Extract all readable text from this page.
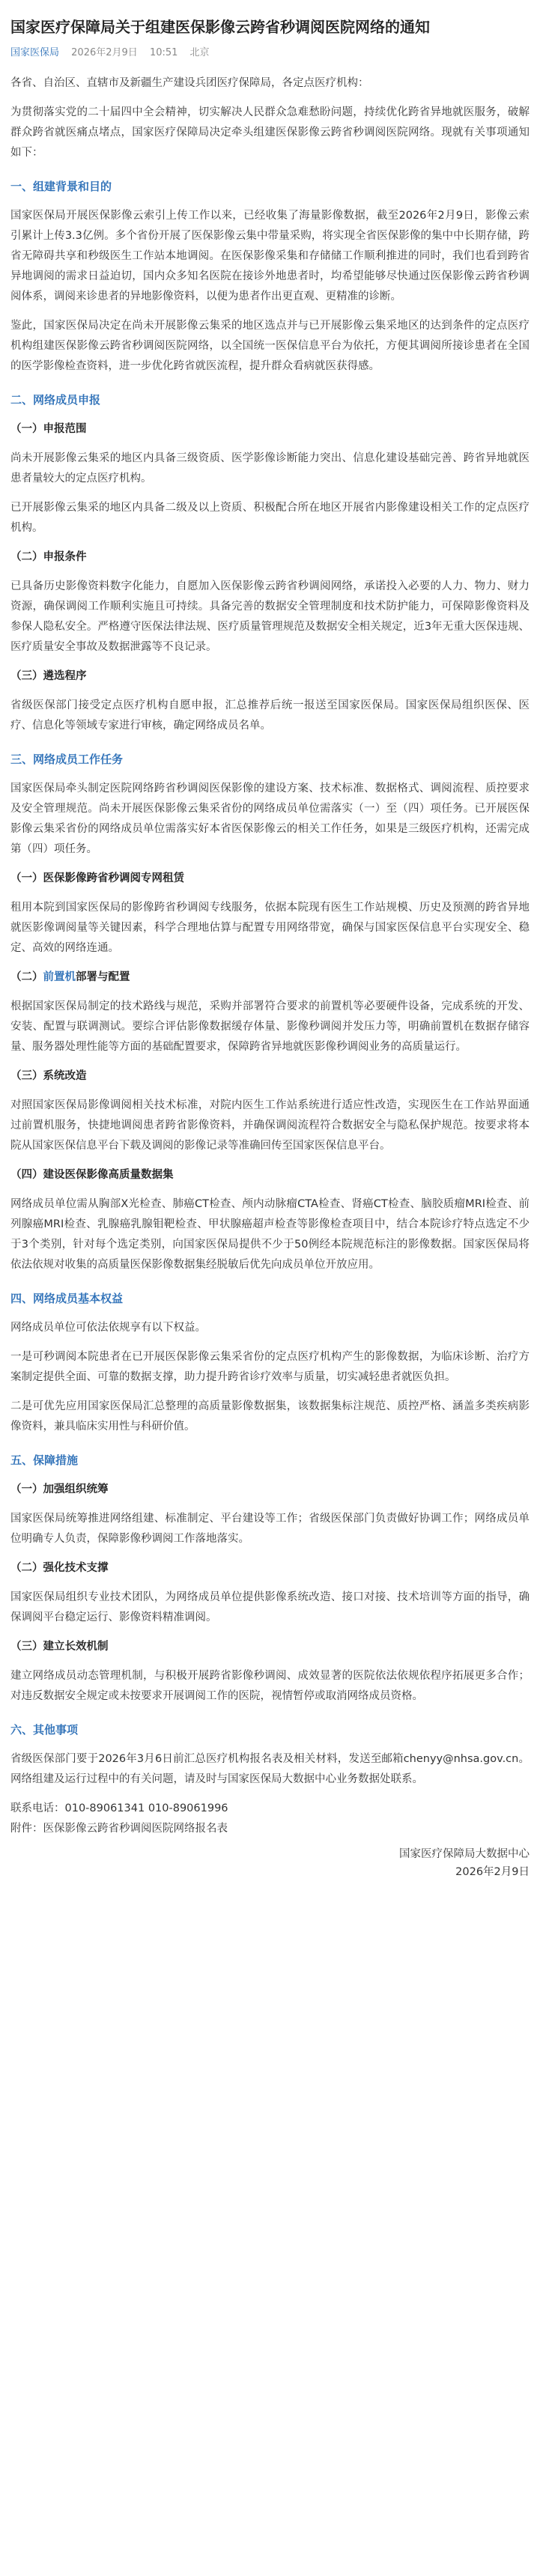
国家医疗保障局关于组建医保影像云跨省秒调阅医院网络的通知
国家医保局 2026年2月9日 10:51 北京

各省、自治区、直辖市及新疆生产建设兵团医疗保障局，各定点医疗机构：

为贯彻落实党的二十届四中全会精神，切实解决人民群众急难愁盼问题，持续优化跨省异地就医服务，破解群众跨省就医痛点堵点，国家医疗保障局决定牵头组建医保影像云跨省秒调阅医院网络。现就有关事项通知如下：

一、组建背景和目的

国家医保局开展医保影像云索引上传工作以来，已经收集了海量影像数据，截至2026年2月9日，影像云索引累计上传3.3亿例。多个省份开展了医保影像云集中带量采购，将实现全省医保影像的集中中长期存储，跨省无障碍共享和秒级医生工作站本地调阅。在医保影像采集和存储储工作顺利推进的同时，我们也看到跨省异地调阅的需求日益迫切，国内众多知名医院在接诊外地患者时，均希望能够尽快通过医保影像云跨省秒调阅体系，调阅来诊患者的异地影像资料，以便为患者作出更直观、更精准的诊断。

鉴此，国家医保局决定在尚未开展影像云集采的地区选点并与已开展影像云集采地区的达到条件的定点医疗机构组建医保影像云跨省秒调阅医院网络，以全国统一医保信息平台为依托，方便其调阅所接诊患者在全国的医学影像检查资料，进一步优化跨省就医流程，提升群众看病就医获得感。

二、网络成员申报
（一）申报范围

尚未开展影像云集采的地区内具备三级资质、医学影像诊断能力突出、信息化建设基础完善、跨省异地就医患者量较大的定点医疗机构。

已开展影像云集采的地区内具备二级及以上资质、积极配合所在地区开展省内影像建设相关工作的定点医疗机构。

（二）申报条件

已具备历史影像资料数字化能力，自愿加入医保影像云跨省秒调阅网络，承诺投入必要的人力、物力、财力资源，确保调阅工作顺利实施且可持续。具备完善的数据安全管理制度和技术防护能力，可保障影像资料及参保人隐私安全。严格遵守医保法律法规、医疗质量管理规范及数据安全相关规定，近3年无重大医保违规、医疗质量安全事故及数据泄露等不良记录。

（三）遴选程序

省级医保部门接受定点医疗机构自愿申报，汇总推荐后统一报送至国家医保局。国家医保局组织医保、医疗、信息化等领域专家进行审核，确定网络成员名单。

三、网络成员工作任务

国家医保局牵头制定医院网络跨省秒调阅医保影像的建设方案、技术标准、数据格式、调阅流程、质控要求及安全管理规范。尚未开展医保影像云集采省份的网络成员单位需落实（一）至（四）项任务。已开展医保影像云集采省份的网络成员单位需落实好本省医保影像云的相关工作任务，如果是三级医疗机构，还需完成第（四）项任务。

（一）医保影像跨省秒调阅专网租赁

租用本院到国家医保局的影像跨省秒调阅专线服务，依据本院现有医生工作站规模、历史及预测的跨省异地就医影像调阅量等关键因素，科学合理地估算与配置专用网络带宽，确保与国家医保信息平台实现安全、稳定、高效的网络连通。

（二）前置机部署与配置

根据国家医保局制定的技术路线与规范，采购并部署符合要求的前置机等必要硬件设备，完成系统的开发、安装、配置与联调测试。要综合评估影像数据缓存体量、影像秒调阅并发压力等，明确前置机在数据存储容量、服务器处理性能等方面的基础配置要求，保障跨省异地就医影像秒调阅业务的高质量运行。

（三）系统改造

对照国家医保局影像调阅相关技术标准，对院内医生工作站系统进行适应性改造，实现医生在工作站界面通过前置机服务，快捷地调阅患者跨省影像资料，并确保调阅流程符合数据安全与隐私保护规范。按要求将本院从国家医保信息平台下载及调阅的影像记录等准确回传至国家医保信息平台。

（四）建设医保影像高质量数据集

网络成员单位需从胸部X光检查、肺癌CT检查、颅内动脉瘤CTA检查、肾癌CT检查、脑胶质瘤MRI检查、前列腺癌MRI检查、乳腺癌乳腺钼靶检查、甲状腺癌超声检查等影像检查项目中，结合本院诊疗特点选定不少于3个类别，针对每个选定类别，向国家医保局提供不少于50例经本院规范标注的影像数据。国家医保局将依法依规对收集的高质量医保影像数据集经脱敏后优先向成员单位开放应用。

四、网络成员基本权益

网络成员单位可依法依规享有以下权益。

一是可秒调阅本院患者在已开展医保影像云集采省份的定点医疗机构产生的影像数据，为临床诊断、治疗方案制定提供全面、可靠的数据支撑，助力提升跨省诊疗效率与质量，切实减轻患者就医负担。

二是可优先应用国家医保局汇总整理的高质量影像数据集，该数据集标注规范、质控严格、涵盖多类疾病影像资料，兼具临床实用性与科研价值。

五、保障措施
（一）加强组织统筹

国家医保局统筹推进网络组建、标准制定、平台建设等工作；省级医保部门负责做好协调工作；网络成员单位明确专人负责，保障影像秒调阅工作落地落实。

（二）强化技术支撑

国家医保局组织专业技术团队，为网络成员单位提供影像系统改造、接口对接、技术培训等方面的指导，确保调阅平台稳定运行、影像资料精准调阅。

（三）建立长效机制

建立网络成员动态管理机制，与积极开展跨省影像秒调阅、成效显著的医院依法依规依程序拓展更多合作；对违反数据安全规定或未按要求开展调阅工作的医院，视情暂停或取消网络成员资格。

六、其他事项

省级医保部门要于2026年3月6日前汇总医疗机构报名表及相关材料，发送至邮箱chenyy@nhsa.gov.cn。网络组建及运行过程中的有关问题，请及时与国家医保局大数据中心业务数据处联系。

联系电话：010-89061341 010-89061996

附件：医保影像云跨省秒调阅医院网络报名表

国家医疗保障局大数据中心
2026年2月9日
